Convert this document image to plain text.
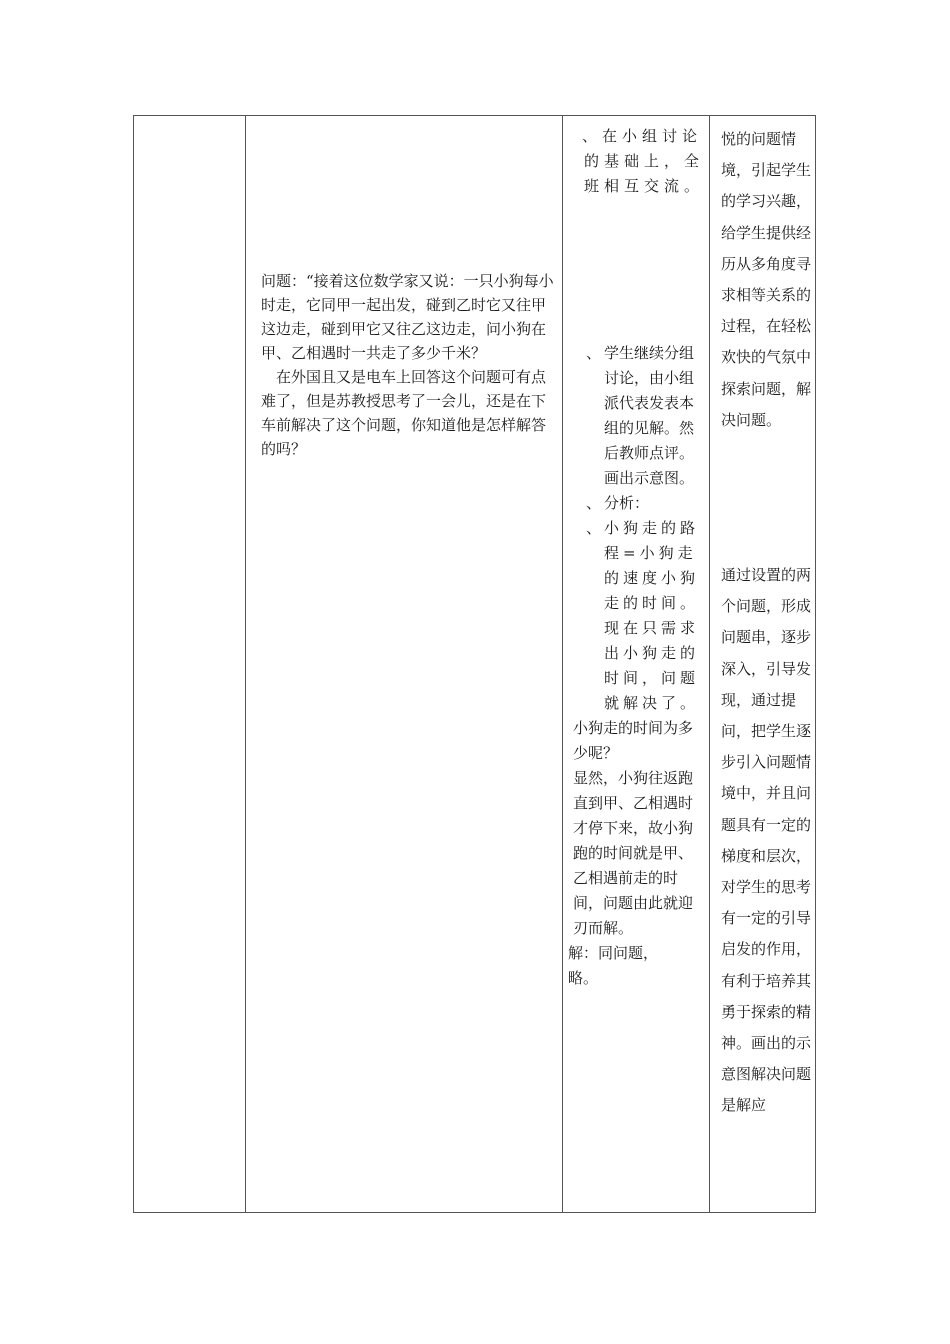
问题：“接着这位数学家又说：一只小狗每小时走，它同甲一起出发，碰到乙时它又往甲这边走，碰到甲它又往乙这边走，问小狗在甲、乙相遇时一共走了多少千米？

在外国且又是电车上回答这个问题可有点难了，但是苏教授思考了一会儿，还是在下车前解决了这个问题，你知道他是怎样解答的吗？

、在小组讨论的基础上，全班相互交流。

、 学生继续分组讨论，由小组派代表发表本组的见解。然后教师点评。画出示意图。
、 分析：
、
小狗走的路程=小狗走的速度小狗走的时间。现在只需求出小狗走的时间，问题就解决了。

小狗走的时间为多少呢？

显然，小狗往返跑直到甲、乙相遇时才停下来，故小狗跑的时间就是甲、乙相遇前走的时间，问题由此就迎刃而解。

解：同问题，

略。

悦的问题情境，引起学生的学习兴趣，给学生提供经历从多角度寻求相等关系的过程，在轻松欢快的气氛中探索问题，解决问题。

通过设置的两个问题，形成问题串，逐步深入，引导发现，通过提问，把学生逐步引入问题情境中，并且问题具有一定的梯度和层次，对学生的思考有一定的引导启发的作用，有利于培养其勇于探索的精神。画出的示意图解决问题是解应
